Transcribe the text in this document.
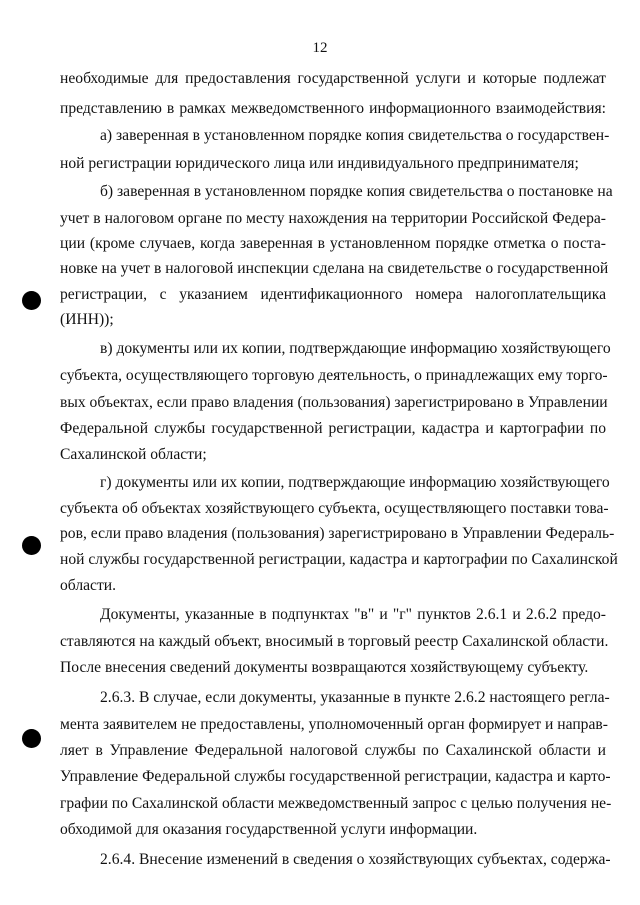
12
необходимые для предоставления государственной услуги и которые подлежат
представлению в рамках межведомственного информационного взаимодействия:
а) заверенная в установленном порядке копия свидетельства о государствен-
ной регистрации юридического лица или индивидуального предпринимателя;
б) заверенная в установленном порядке копия свидетельства о постановке на
учет в налоговом органе по месту нахождения на территории Российской Федера-
ции (кроме случаев, когда заверенная в установленном порядке отметка о поста-
новке на учет в налоговой инспекции сделана на свидетельстве о государственной
регистрации, с указанием идентификационного номера налогоплательщика
(ИНН));
в) документы или их копии, подтверждающие информацию хозяйствующего
субъекта, осуществляющего торговую деятельность, о принадлежащих ему торго-
вых объектах, если право владения (пользования) зарегистрировано в Управлении
Федеральной службы государственной регистрации, кадастра и картографии по
Сахалинской области;
г) документы или их копии, подтверждающие информацию хозяйствующего
субъекта об объектах хозяйствующего субъекта, осуществляющего поставки това-
ров, если право владения (пользования) зарегистрировано в Управлении Федераль-
ной службы государственной регистрации, кадастра и картографии по Сахалинской
области.
Документы, указанные в подпунктах "в" и "г" пунктов 2.6.1 и 2.6.2 предо-
ставляются на каждый объект, вносимый в торговый реестр Сахалинской области.
После внесения сведений документы возвращаются хозяйствующему субъекту.
2.6.3. В случае, если документы, указанные в пункте 2.6.2 настоящего регла-
мента заявителем не предоставлены, уполномоченный орган формирует и направ-
ляет в Управление Федеральной налоговой службы по Сахалинской области и
Управление Федеральной службы государственной регистрации, кадастра и карто-
графии по Сахалинской области межведомственный запрос с целью получения не-
обходимой для оказания государственной услуги информации.
2.6.4. Внесение изменений в сведения о хозяйствующих субъектах, содержа-
